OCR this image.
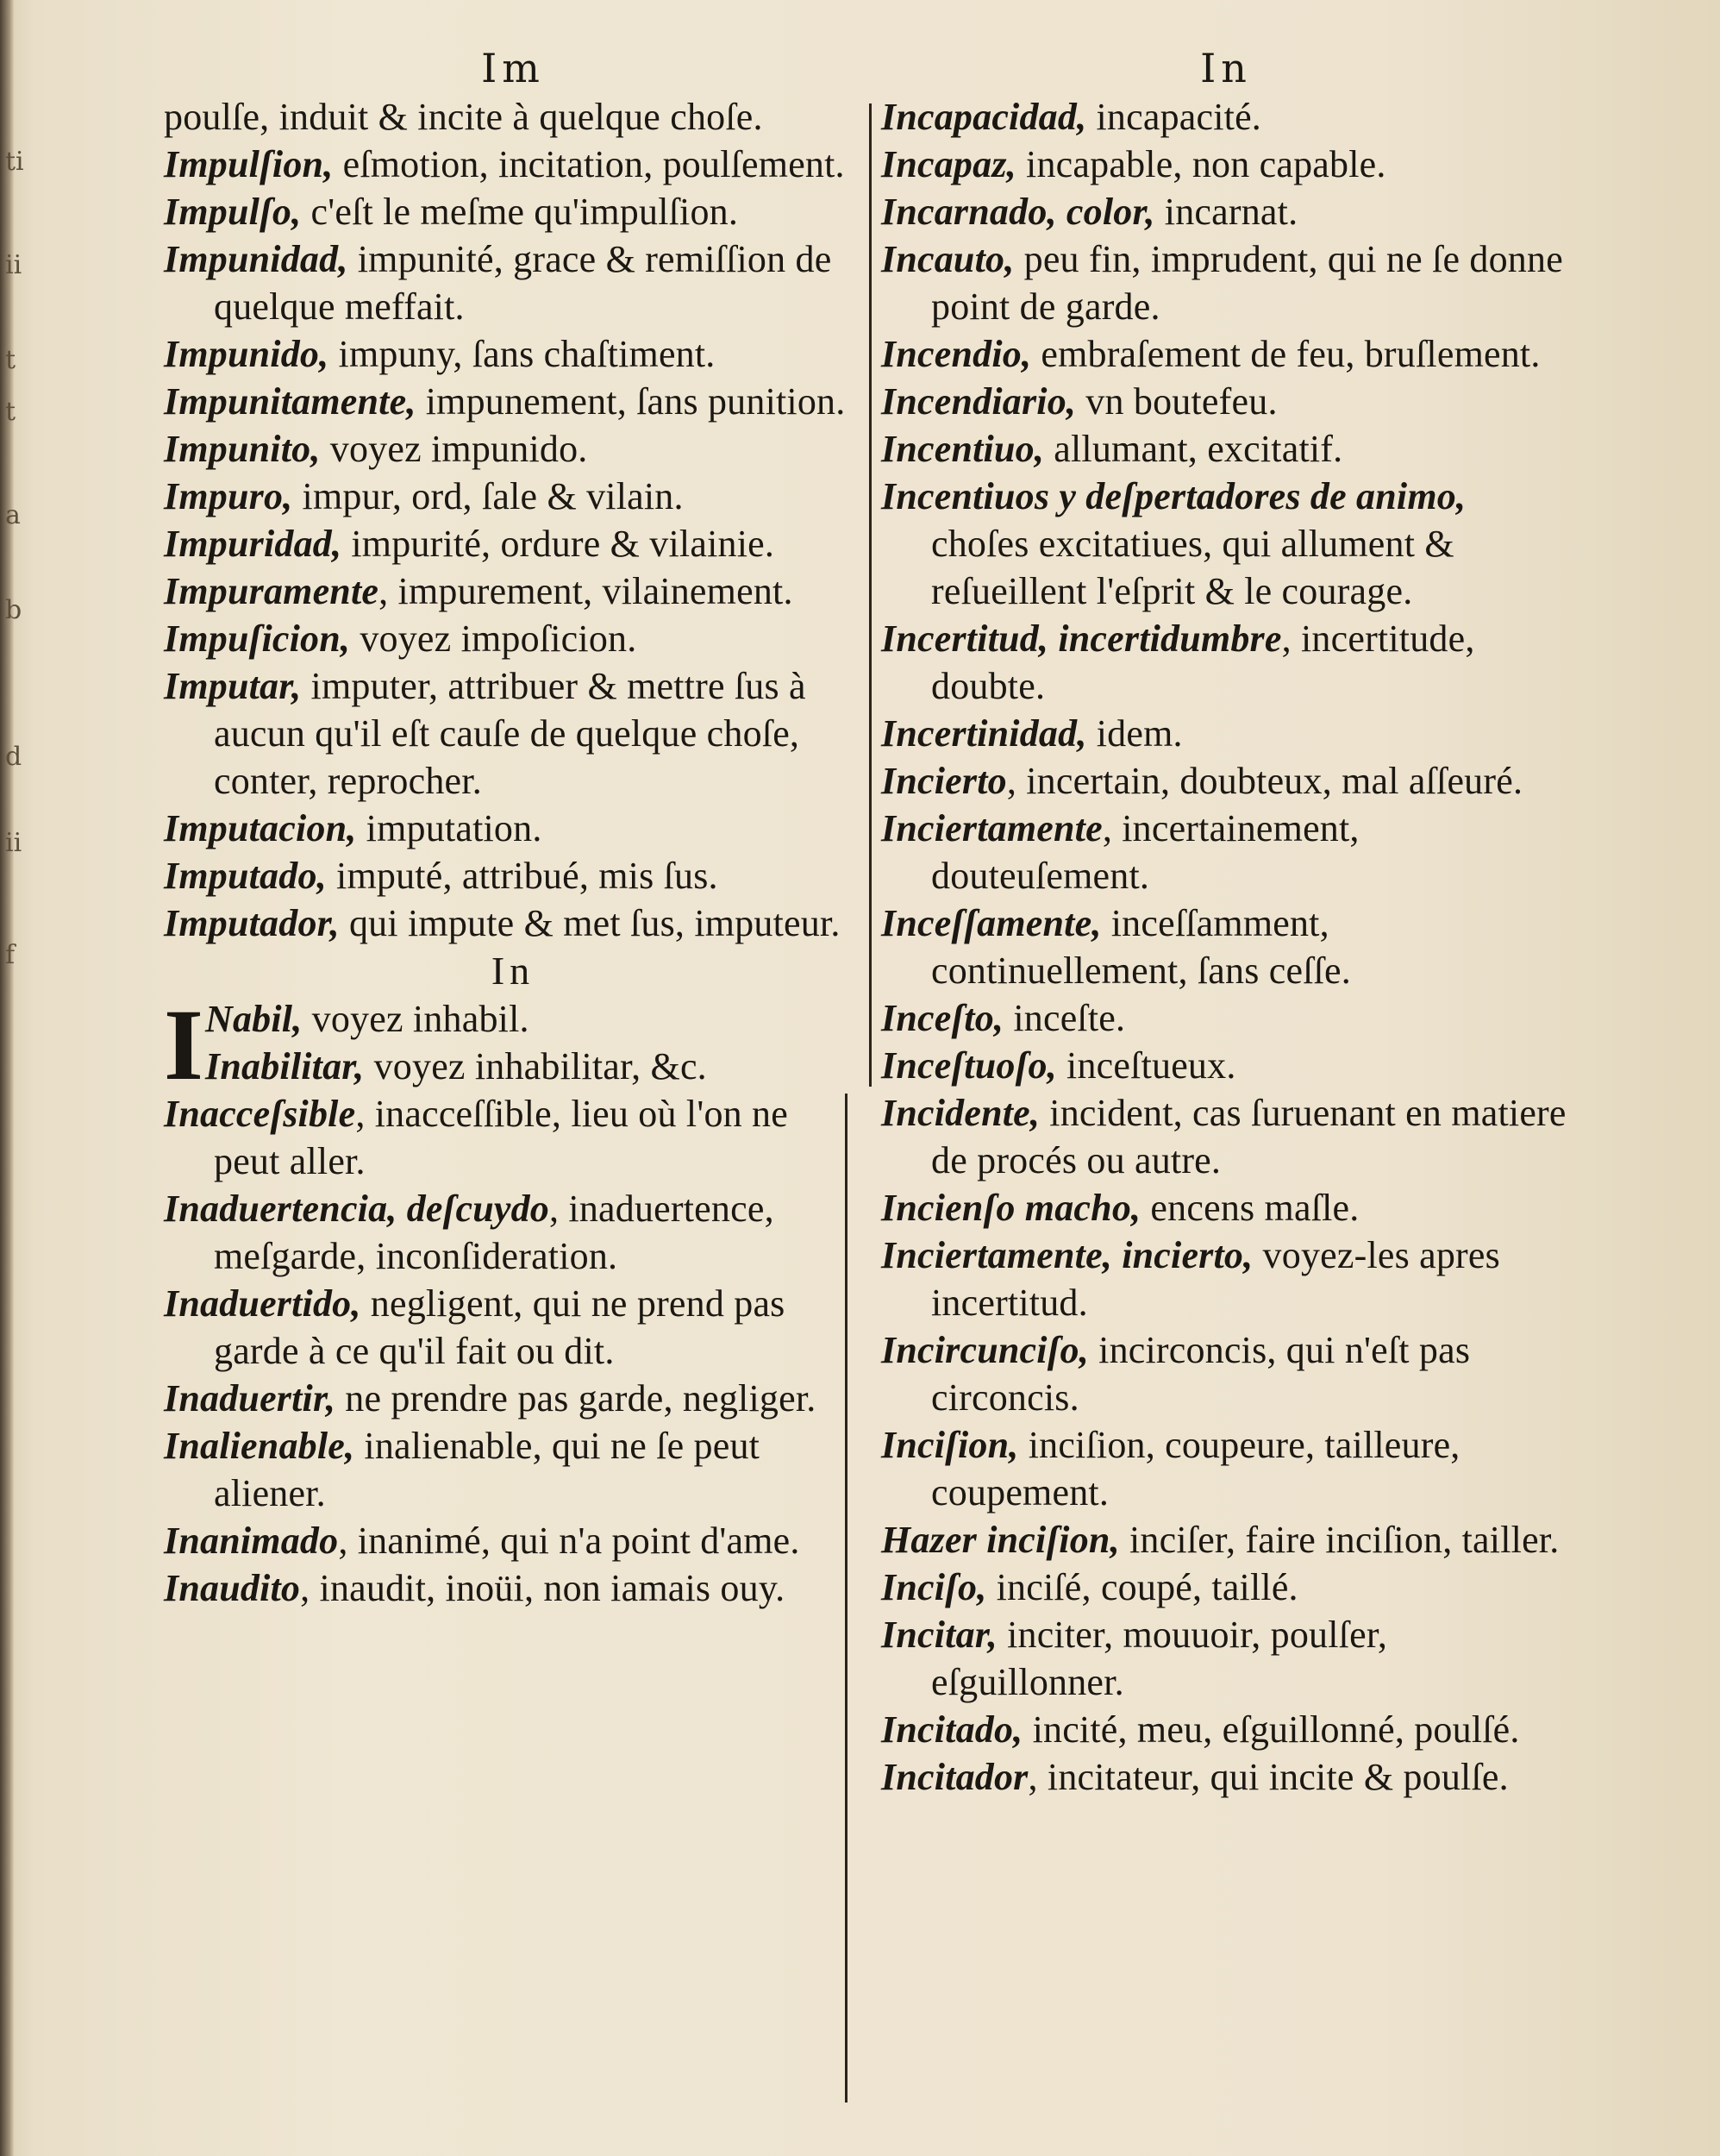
ti
ii
t
t
a
b
d
ii
f
Im
poulſe, induit & incite à quelque choſe.
Impulſion, eſmotion, incitation, poulſement.
Impulſo, c'eſt le meſme qu'impulſion.
Impunidad, impunité, grace & remiſſion de quelque meffait.
Impunido, impuny, ſans chaſtiment.
Impunitamente, impunement, ſans punition.
Impunito, voyez impunido.
Impuro, impur, ord, ſale & vilain.
Impuridad, impurité, ordure & vilainie.
Impuramente, impurement, vilainement.
Impuſicion, voyez impoſicion.
Imputar, imputer, attribuer & mettre ſus à aucun qu'il eſt cauſe de quelque choſe, conter, reprocher.
Imputacion, imputation.
Imputado, imputé, attribué, mis ſus.
Imputador, qui impute & met ſus, imputeur.
In
I Nabil, voyez inhabil.
Inabilitar, voyez inhabilitar, &c.
Inacceſsible, inacceſſible, lieu où l'on ne peut aller.
Inaduertencia, deſcuydo, inaduertence, meſgarde, inconſideration.
Inaduertido, negligent, qui ne prend pas garde à ce qu'il fait ou dit.
Inaduertir, ne prendre pas garde, negliger.
Inalienable, inalienable, qui ne ſe peut aliener.
Inanimado, inanimé, qui n'a point d'ame.
Inaudito, inaudit, inoüi, non iamais ouy.
In
Incapacidad, incapacité.
Incapaz, incapable, non capable.
Incarnado, color, incarnat.
Incauto, peu fin, imprudent, qui ne ſe donne point de garde.
Incendio, embraſement de feu, bruſlement.
Incendiario, vn boutefeu.
Incentiuo, allumant, excitatif.
Incentiuos y deſpertadores de animo, choſes excitatiues, qui allument & reſueillent l'eſprit & le courage.
Incertitud, incertidumbre, incertitude, doubte.
Incertinidad, idem.
Incierto, incertain, doubteux, mal aſſeuré.
Inciertamente, incertainement, douteuſement.
Inceſſamente, inceſſamment, continuellement, ſans ceſſe.
Inceſto, inceſte.
Inceſtuoſo, inceſtueux.
Incidente, incident, cas ſuruenant en matiere de procés ou autre.
Incienſo macho, encens maſle.
Inciertamente, incierto, voyez-les apres incertitud.
Incircunciſo, incirconcis, qui n'eſt pas circoncis.
Inciſion, inciſion, coupeure, tailleure, coupement.
Hazer inciſion, inciſer, faire inciſion, tailler.
Inciſo, inciſé, coupé, taillé.
Incitar, inciter, mouuoir, poulſer, eſguillonner.
Incitado, incité, meu, eſguillonné, poulſé.
Incitador, incitateur, qui incite & poulſe.
